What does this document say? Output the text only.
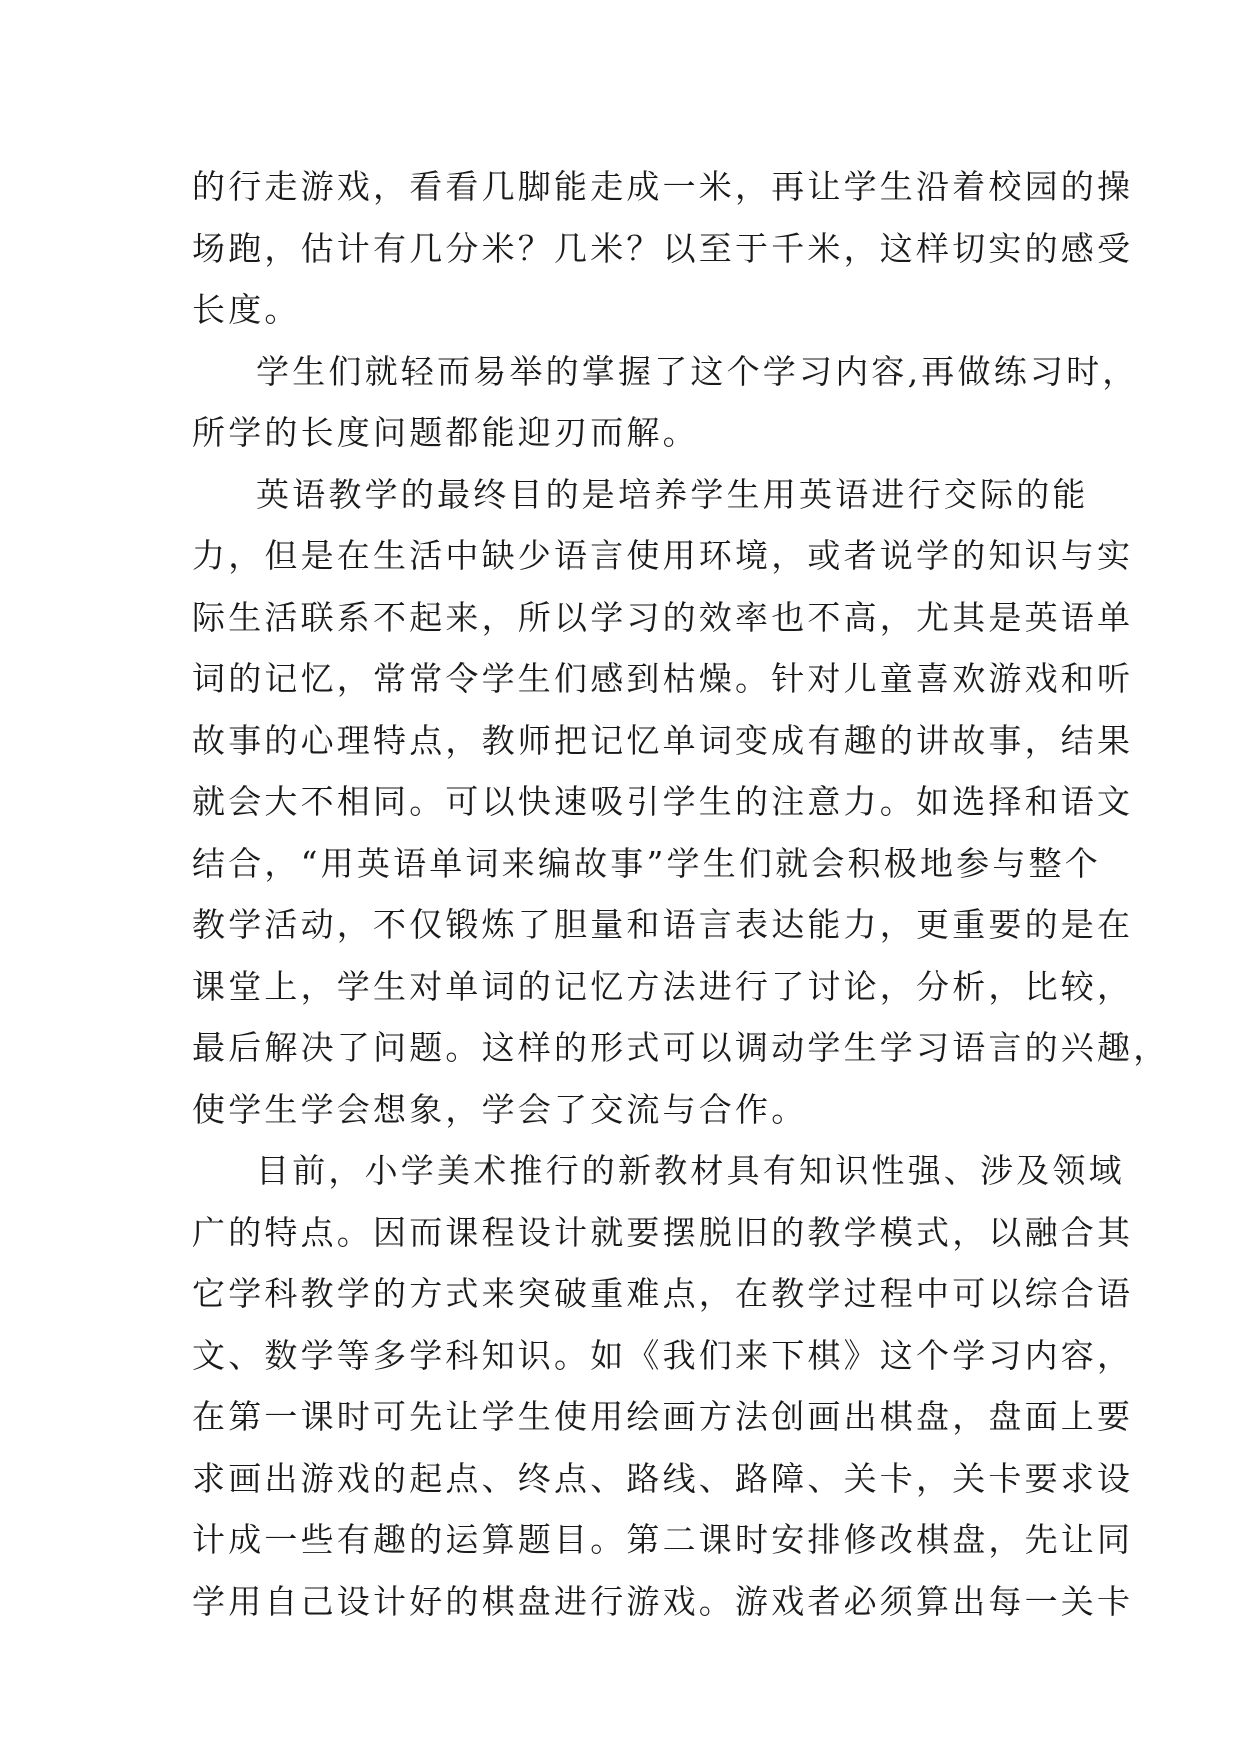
的行走游戏，看看几脚能走成一米，再让学生沿着校园的操
场跑，估计有几分米？几米？以至于千米，这样切实的感受
长度。
学生们就轻而易举的掌握了这个学习内容,再做练习时，
所学的长度问题都能迎刃而解。
英语教学的最终目的是培养学生用英语进行交际的能
力，但是在生活中缺少语言使用环境，或者说学的知识与实
际生活联系不起来，所以学习的效率也不高，尤其是英语单
词的记忆，常常令学生们感到枯燥。针对儿童喜欢游戏和听
故事的心理特点，教师把记忆单词变成有趣的讲故事，结果
就会大不相同。可以快速吸引学生的注意力。如选择和语文
结合，“用英语单词来编故事”学生们就会积极地参与整个
教学活动，不仅锻炼了胆量和语言表达能力，更重要的是在
课堂上，学生对单词的记忆方法进行了讨论，分析，比较，
最后解决了问题。这样的形式可以调动学生学习语言的兴趣，
使学生学会想象，学会了交流与合作。
目前，小学美术推行的新教材具有知识性强、涉及领域
广的特点。因而课程设计就要摆脱旧的教学模式，以融合其
它学科教学的方式来突破重难点，在教学过程中可以综合语
文、数学等多学科知识。如《我们来下棋》这个学习内容，
在第一课时可先让学生使用绘画方法创画出棋盘，盘面上要
求画出游戏的起点、终点、路线、路障、关卡，关卡要求设
计成一些有趣的运算题目。第二课时安排修改棋盘，先让同
学用自己设计好的棋盘进行游戏。游戏者必须算出每一关卡
